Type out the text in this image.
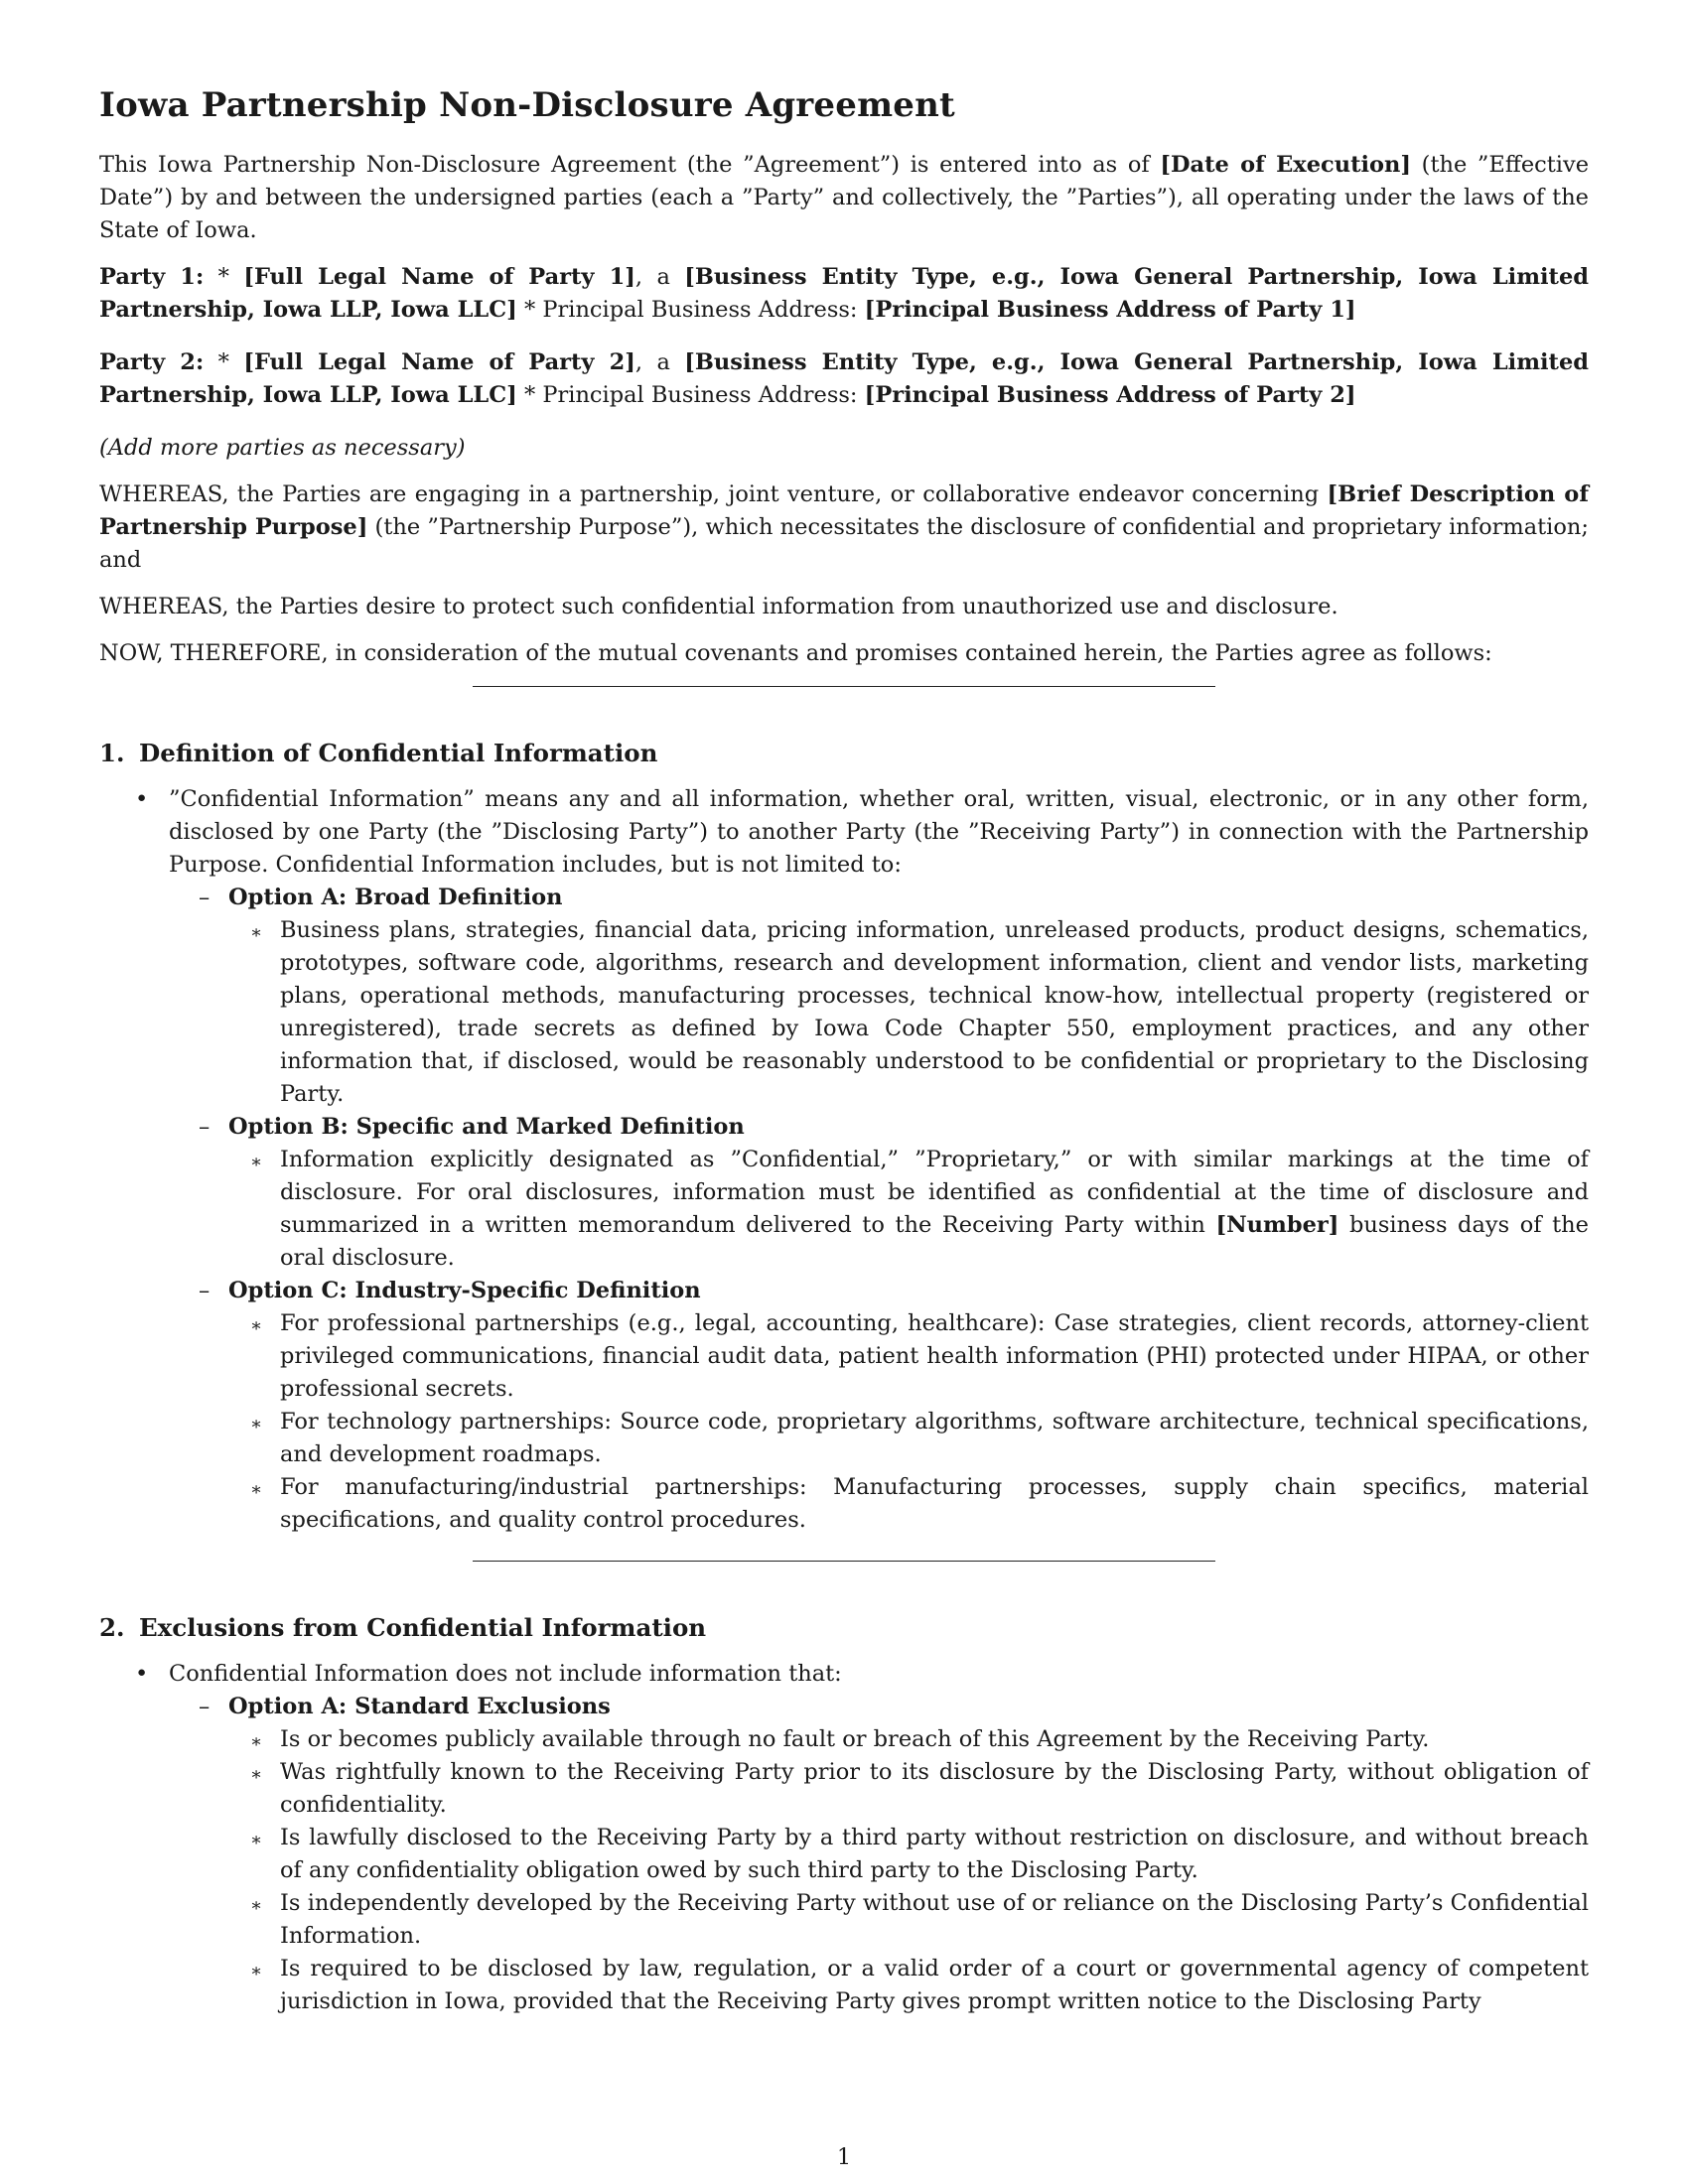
Iowa Partnership Non-Disclosure Agreement

This Iowa Partnership Non-Disclosure Agreement (the ”Agreement”) is entered into as of [Date of Execution] (the ”Effective Date”) by and between the undersigned parties (each a ”Party” and collectively, the ”Parties”), all operating under the laws of the State of Iowa.

Party 1: * [Full Legal Name of Party 1], a [Business Entity Type, e.g., Iowa General Partnership, Iowa Limited Partnership, Iowa LLP, Iowa LLC] * Principal Business Address: [Principal Business Address of Party 1]

Party 2: * [Full Legal Name of Party 2], a [Business Entity Type, e.g., Iowa General Partnership, Iowa Limited Partnership, Iowa LLP, Iowa LLC] * Principal Business Address: [Principal Business Address of Party 2]

(Add more parties as necessary)

WHEREAS, the Parties are engaging in a partnership, joint venture, or collaborative endeavor concerning [Brief Description of Partnership Purpose] (the ”Partnership Purpose”), which necessitates the disclosure of confidential and proprietary information; and

WHEREAS, the Parties desire to protect such confidential information from unauthorized use and disclosure.

NOW, THEREFORE, in consideration of the mutual covenants and promises contained herein, the Parties agree as follows:

1. Definition of Confidential Information
• ”Confidential Information” means any and all information, whether oral, written, visual, electronic, or in any other form, disclosed by one Party (the ”Disclosing Party”) to another Party (the ”Receiving Party”) in connection with the Partnership Purpose. Confidential Information includes, but is not limited to:
– Option A: Broad Definition
∗ Business plans, strategies, financial data, pricing information, unreleased products, product designs, schematics, prototypes, software code, algorithms, research and development information, client and vendor lists, marketing plans, operational methods, manufacturing processes, technical know-how, intellectual property (registered or unregistered), trade secrets as defined by Iowa Code Chapter 550, employment practices, and any other information that, if disclosed, would be reasonably understood to be confidential or proprietary to the Disclosing Party.
– Option B: Specific and Marked Definition
∗ Information explicitly designated as ”Confidential,” ”Proprietary,” or with similar markings at the time of disclosure. For oral disclosures, information must be identified as confidential at the time of disclosure and summarized in a written memorandum delivered to the Receiving Party within [Number] business days of the oral disclosure.
– Option C: Industry-Specific Definition
∗ For professional partnerships (e.g., legal, accounting, healthcare): Case strategies, client records, attorney-client privileged communications, financial audit data, patient health information (PHI) protected under HIPAA, or other professional secrets.
∗ For technology partnerships: Source code, proprietary algorithms, software architecture, technical specifications, and development roadmaps.
∗ For manufacturing/industrial partnerships: Manufacturing processes, supply chain specifics, material specifications, and quality control procedures.
2. Exclusions from Confidential Information
• Confidential Information does not include information that:
– Option A: Standard Exclusions
∗ Is or becomes publicly available through no fault or breach of this Agreement by the Receiving Party.
∗ Was rightfully known to the Receiving Party prior to its disclosure by the Disclosing Party, without obligation of confidentiality.
∗ Is lawfully disclosed to the Receiving Party by a third party without restriction on disclosure, and without breach of any confidentiality obligation owed by such third party to the Disclosing Party.
∗ Is independently developed by the Receiving Party without use of or reliance on the Disclosing Party’s Confidential Information.
∗ Is required to be disclosed by law, regulation, or a valid order of a court or governmental agency of competent jurisdiction in Iowa, provided that the Receiving Party gives prompt written notice to the Disclosing Party
1
